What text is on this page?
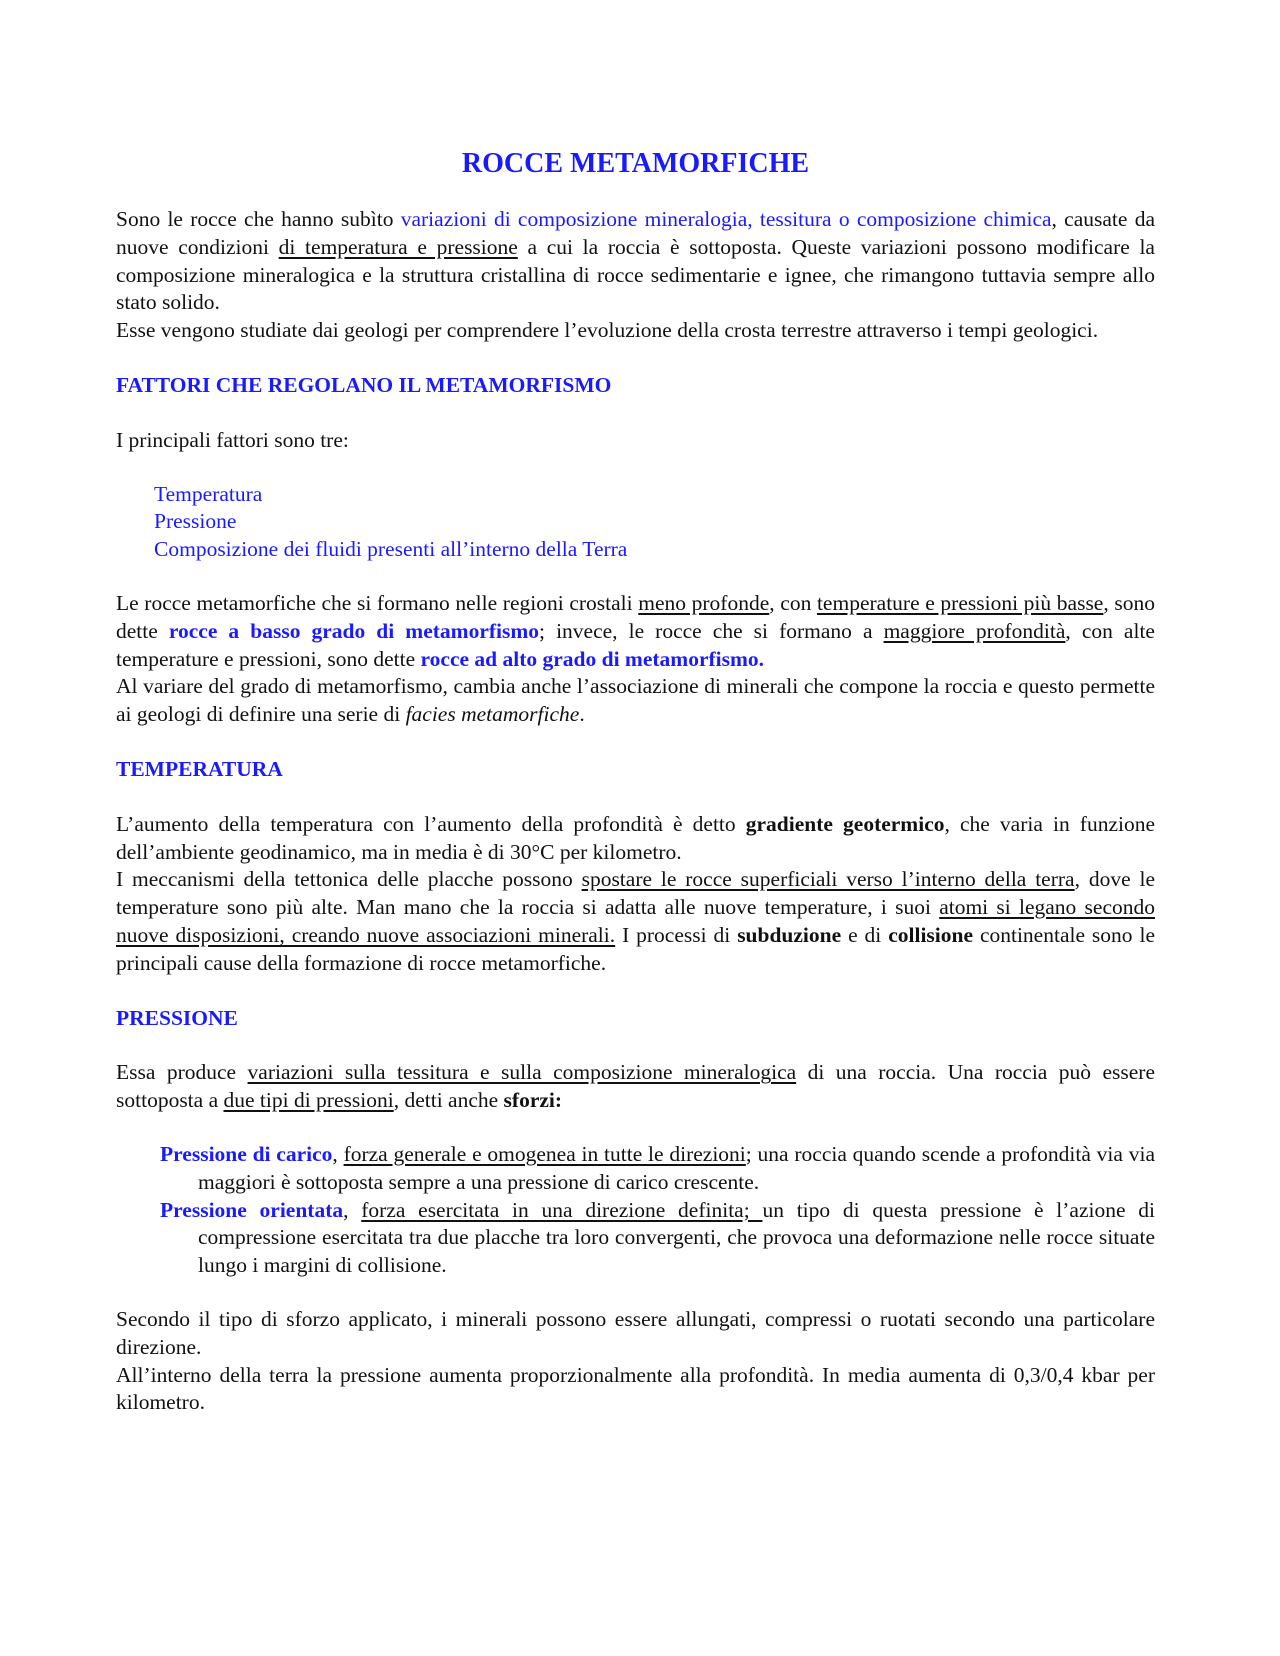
ROCCE METAMORFICHE

Sono le rocce che hanno subìto variazioni di composizione mineralogia, tessitura o composizione chimica, causate da nuove condizioni di temperatura e pressione a cui la roccia è sottoposta. Queste variazioni possono modificare la composizione mineralogica e la struttura cristallina di rocce sedimentarie e ignee, che rimangono tuttavia sempre allo stato solido.

Esse vengono studiate dai geologi per comprendere l’evoluzione della crosta terrestre attraverso i tempi geologici.

FATTORI CHE REGOLANO IL METAMORFISMO

I principali fattori sono tre:

Temperatura
Pressione
Composizione dei fluidi presenti all’interno della Terra

Le rocce metamorfiche che si formano nelle regioni crostali meno profonde, con temperature e pressioni più basse, sono dette rocce a basso grado di metamorfismo; invece, le rocce che si formano a maggiore profondità, con alte temperature e pressioni, sono dette rocce ad alto grado di metamorfismo.

Al variare del grado di metamorfismo, cambia anche l’associazione di minerali che compone la roccia e questo permette ai geologi di definire una serie di facies metamorfiche.

TEMPERATURA

L’aumento della temperatura con l’aumento della profondità è detto gradiente geotermico, che varia in funzione dell’ambiente geodinamico, ma in media è di 30°C per kilometro.

I meccanismi della tettonica delle placche possono spostare le rocce superficiali verso l’interno della terra, dove le temperature sono più alte. Man mano che la roccia si adatta alle nuove temperature, i suoi atomi si legano secondo nuove disposizioni, creando nuove associazioni minerali. I processi di subduzione e di collisione continentale sono le principali cause della formazione di rocce metamorfiche.

PRESSIONE

Essa produce variazioni sulla tessitura e sulla composizione mineralogica di una roccia. Una roccia può essere sottoposta a due tipi di pressioni, detti anche sforzi:

Pressione di carico, forza generale e omogenea in tutte le direzioni; una roccia quando scende a profondità via via maggiori è sottoposta sempre a una pressione di carico crescente.

Pressione orientata, forza esercitata in una direzione definita; un tipo di questa pressione è l’azione di compressione esercitata tra due placche tra loro convergenti, che provoca una deformazione nelle rocce situate lungo i margini di collisione.

Secondo il tipo di sforzo applicato, i minerali possono essere allungati, compressi o ruotati secondo una particolare direzione.

All’interno della terra la pressione aumenta proporzionalmente alla profondità. In media aumenta di 0,3/0,4 kbar per kilometro.
